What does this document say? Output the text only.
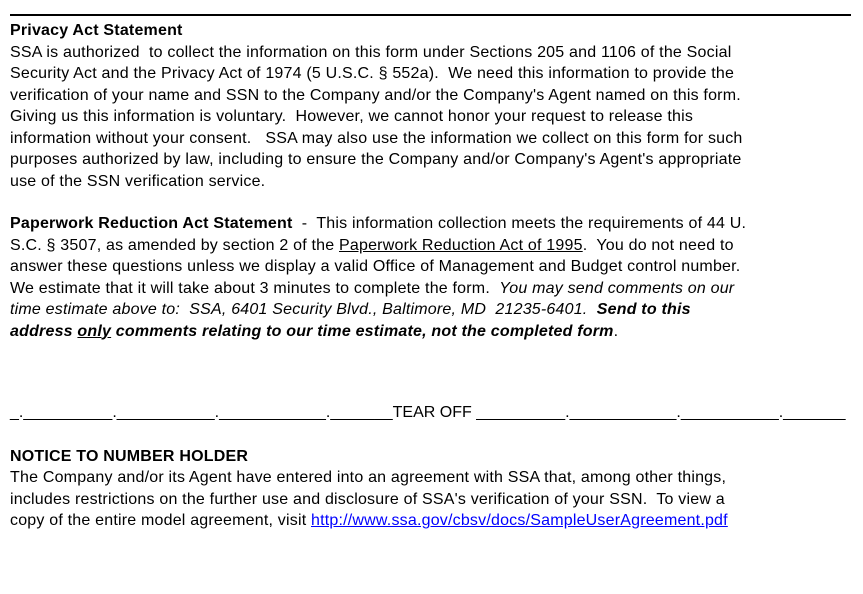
Privacy Act Statement
SSA is authorized  to collect the information on this form under Sections 205 and 1106 of the Social
Security Act and the Privacy Act of 1974 (5 U.S.C. § 552a).  We need this information to provide the
verification of your name and SSN to the Company and/or the Company's Agent named on this form.
Giving us this information is voluntary.  However, we cannot honor your request to release this
information without your consent.   SSA may also use the information we collect on this form for such
purposes authorized by law, including to ensure the Company and/or Company's Agent's appropriate
use of the SSN verification service.
Paperwork Reduction Act Statement  -  This information collection meets the requirements of 44 U.
S.C. § 3507, as amended by section 2 of the Paperwork Reduction Act of 1995.  You do not need to
answer these questions unless we display a valid Office of Management and Budget control number.
We estimate that it will take about 3 minutes to complete the form.  You may send comments on our
time estimate above to:  SSA, 6401 Security Blvd., Baltimore, MD  21235-6401.  Send to this
address only comments relating to our time estimate, not the completed form.
_.__________.___________.____________._______TEAR OFF __________.____________.___________._______
NOTICE TO NUMBER HOLDER
The Company and/or its Agent have entered into an agreement with SSA that, among other things,
includes restrictions on the further use and disclosure of SSA's verification of your SSN.  To view a
copy of the entire model agreement, visit http://www.ssa.gov/cbsv/docs/SampleUserAgreement.pdf
